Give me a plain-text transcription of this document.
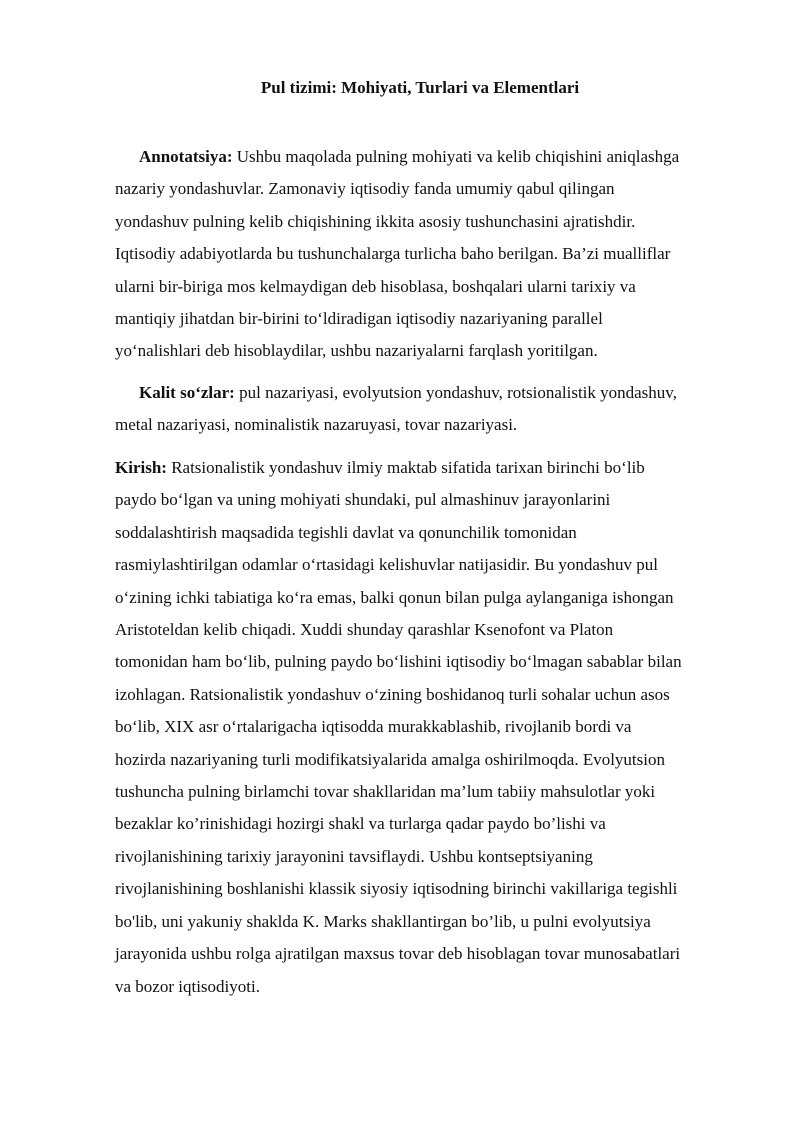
Pul tizimi: Mohiyati, Turlari va Elementlari

Annotatsiya: Ushbu maqolada pulning mohiyati va kelib chiqishini aniqlashga
nazariy yondashuvlar. Zamonaviy iqtisodiy fanda umumiy qabul qilingan
yondashuv pulning kelib chiqishining ikkita asosiy tushunchasini ajratishdir.
Iqtisodiy adabiyotlarda bu tushunchalarga turlicha baho berilgan. Ba’zi mualliflar
ularni bir-biriga mos kelmaydigan deb hisoblasa, boshqalari ularni tarixiy va
mantiqiy jihatdan bir-birini to‘ldiradigan iqtisodiy nazariyaning parallel
yo‘nalishlari deb hisoblaydilar, ushbu nazariyalarni farqlash yoritilgan.

Kalit so‘zlar: pul nazariyasi, evolyutsion yondashuv, rotsionalistik yondashuv,
metal nazariyasi, nominalistik nazaruyasi, tovar nazariyasi.

Kirish: Ratsionalistik yondashuv ilmiy maktab sifatida tarixan birinchi bo‘lib
paydo bo‘lgan va uning mohiyati shundaki, pul almashinuv jarayonlarini
soddalashtirish maqsadida tegishli davlat va qonunchilik tomonidan
rasmiylashtirilgan odamlar o‘rtasidagi kelishuvlar natijasidir. Bu yondashuv pul
o‘zining ichki tabiatiga ko‘ra emas, balki qonun bilan pulga aylanganiga ishongan
Aristoteldan kelib chiqadi. Xuddi shunday qarashlar Ksenofont va Platon
tomonidan ham bo‘lib, pulning paydo bo‘lishini iqtisodiy bo‘lmagan sabablar bilan
izohlagan. Ratsionalistik yondashuv o‘zining boshidanoq turli sohalar uchun asos
bo‘lib, XIX asr o‘rtalarigacha iqtisodda murakkablashib, rivojlanib bordi va
hozirda nazariyaning turli modifikatsiyalarida amalga oshirilmoqda. Evolyutsion
tushuncha pulning birlamchi tovar shakllaridan ma’lum tabiiy mahsulotlar yoki
bezaklar ko’rinishidagi hozirgi shakl va turlarga qadar paydo bo’lishi va
rivojlanishining tarixiy jarayonini tavsiflaydi. Ushbu kontseptsiyaning
rivojlanishining boshlanishi klassik siyosiy iqtisodning birinchi vakillariga tegishli
bo'lib, uni yakuniy shaklda K. Marks shakllantirgan bo’lib, u pulni evolyutsiya
jarayonida ushbu rolga ajratilgan maxsus tovar deb hisoblagan tovar munosabatlari
va bozor iqtisodiyoti.
